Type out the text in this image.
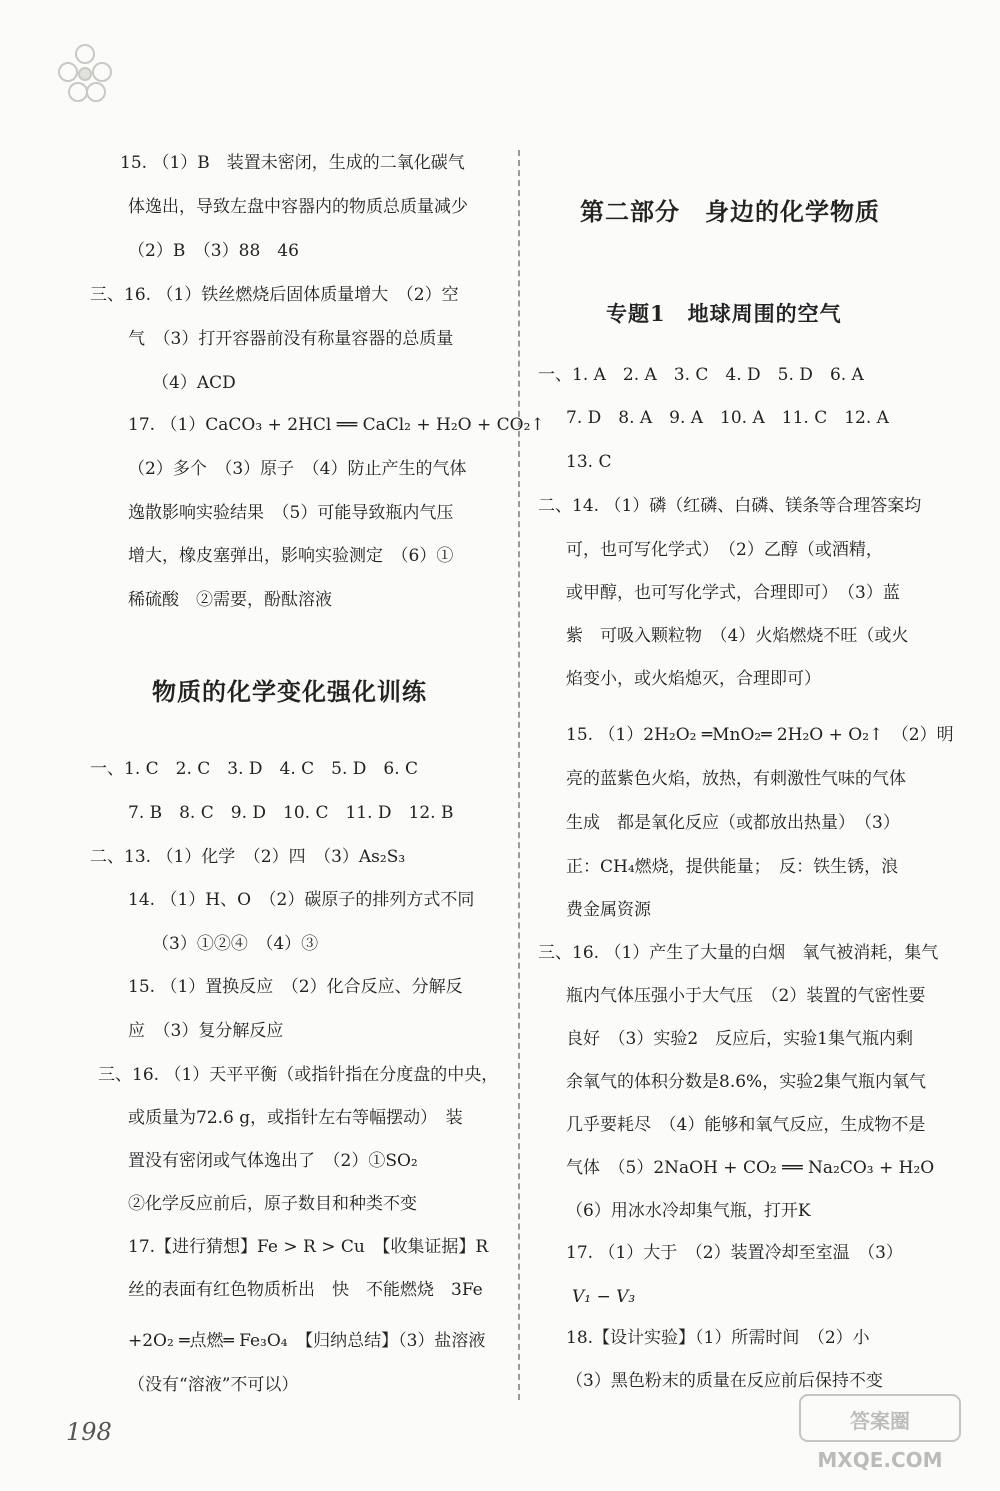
15. （1）B　装置未密闭，生成的二氧化碳气
体逸出，导致左盘中容器内的物质总质量减少
（2）B　（3）88　46
三、16. （1）铁丝燃烧后固体质量增大　（2）空
气　（3）打开容器前没有称量容器的总质量
（4）ACD
17. （1）CaCO₃ + 2HCl ══ CaCl₂ + H₂O + CO₂↑
（2）多个　（3）原子　（4）防止产生的气体
逸散影响实验结果　（5）可能导致瓶内气压
增大，橡皮塞弹出，影响实验测定　（6）①
稀硫酸　②需要，酚酞溶液
物质的化学变化强化训练
一、1. C　2. C　3. D　4. C　5. D　6. C
7. B　8. C　9. D　10. C　11. D　12. B
二、13. （1）化学　（2）四　（3）As₂S₃
14. （1）H、O　（2）碳原子的排列方式不同
（3）①②④　（4）③
15. （1）置换反应　（2）化合反应、分解反
应　（3）复分解反应
三、16. （1）天平平衡（或指针指在分度盘的中央，
或质量为72.6 g，或指针左右等幅摆动）　装
置没有密闭或气体逸出了　（2）①SO₂
②化学反应前后，原子数目和种类不变
17.【进行猜想】Fe > R > Cu　【收集证据】R
丝的表面有红色物质析出　快　不能燃烧　3Fe
+2O₂ ═点燃═ Fe₃O₄　【归纳总结】（3）盐溶液
（没有“溶液”不可以）
第二部分　身边的化学物质
专题1　地球周围的空气
一、1. A　2. A　3. C　4. D　5. D　6. A
7. D　8. A　9. A　10. A　11. C　12. A
13. C
二、14. （1）磷（红磷、白磷、镁条等合理答案均
可，也可写化学式）　（2）乙醇（或酒精，
或甲醇，也可写化学式，合理即可）　（3）蓝
紫　可吸入颗粒物　（4）火焰燃烧不旺（或火
焰变小，或火焰熄灭，合理即可）
15. （1）2H₂O₂ ═MnO₂═ 2H₂O + O₂↑　（2）明
亮的蓝紫色火焰，放热，有刺激性气味的气体
生成　都是氧化反应（或都放出热量）　（3）
正：CH₄燃烧，提供能量；　反：铁生锈，浪
费金属资源
三、16. （1）产生了大量的白烟　氧气被消耗，集气
瓶内气体压强小于大气压　（2）装置的气密性要
良好　（3）实验2　反应后，实验1集气瓶内剩
余氧气的体积分数是8.6%，实验2集气瓶内氧气
几乎要耗尽　（4）能够和氧气反应，生成物不是
气体　（5）2NaOH + CO₂ ══ Na₂CO₃ + H₂O
（6）用冰水冷却集气瓶，打开K
17. （1）大于　（2）装置冷却至室温　（3）
V₁ − V₃
18.【设计实验】（1）所需时间　（2）小
（3）黑色粉末的质量在反应前后保持不变
198	答案圈
MXQE.COM
